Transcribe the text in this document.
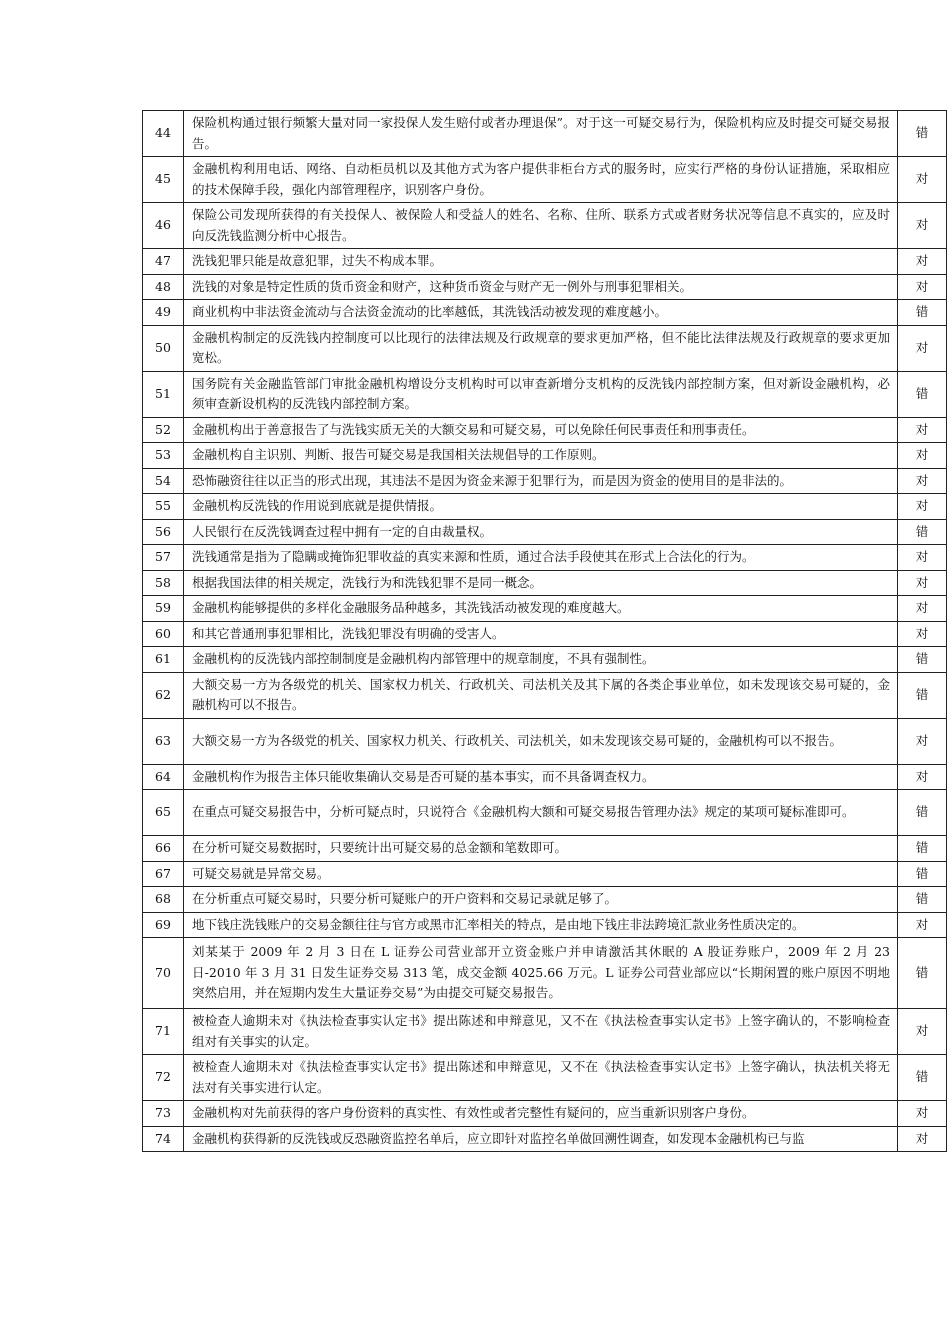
44	保险机构通过银行频繁大量对同一家投保人发生赔付或者办理退保”。对于这一可疑交易行为，保险机构应及时提交可疑交易报告。	错
45	金融机构利用电话、网络、自动柜员机以及其他方式为客户提供非柜台方式的服务时，应实行严格的身份认证措施，采取相应的技术保障手段，强化内部管理程序，识别客户身份。	对
46	保险公司发现所获得的有关投保人、被保险人和受益人的姓名、名称、住所、联系方式或者财务状况等信息不真实的，应及时向反洗钱监测分析中心报告。	对
47	洗钱犯罪只能是故意犯罪，过失不构成本罪。	对
48	洗钱的对象是特定性质的货币资金和财产，这种货币资金与财产无一例外与刑事犯罪相关。	对
49	商业机构中非法资金流动与合法资金流动的比率越低，其洗钱活动被发现的难度越小。	错
50	金融机构制定的反洗钱内控制度可以比现行的法律法规及行政规章的要求更加严格，但不能比法律法规及行政规章的要求更加宽松。	对
51	国务院有关金融监管部门审批金融机构增设分支机构时可以审查新增分支机构的反洗钱内部控制方案，但对新设金融机构，必须审查新设机构的反洗钱内部控制方案。	错
52	金融机构出于善意报告了与洗钱实质无关的大额交易和可疑交易，可以免除任何民事责任和刑事责任。	对
53	金融机构自主识别、判断、报告可疑交易是我国相关法规倡导的工作原则。	对
54	恐怖融资往往以正当的形式出现，其违法不是因为资金来源于犯罪行为，而是因为资金的使用目的是非法的。	对
55	金融机构反洗钱的作用说到底就是提供情报。	对
56	人民银行在反洗钱调查过程中拥有一定的自由裁量权。	错
57	洗钱通常是指为了隐瞒或掩饰犯罪收益的真实来源和性质，通过合法手段使其在形式上合法化的行为。	对
58	根据我国法律的相关规定，洗钱行为和洗钱犯罪不是同一概念。	对
59	金融机构能够提供的多样化金融服务品种越多，其洗钱活动被发现的难度越大。	对
60	和其它普通刑事犯罪相比，洗钱犯罪没有明确的受害人。	对
61	金融机构的反洗钱内部控制制度是金融机构内部管理中的规章制度，不具有强制性。	错
62	大额交易一方为各级党的机关、国家权力机关、行政机关、司法机关及其下属的各类企事业单位，如未发现该交易可疑的，金融机构可以不报告。	错
63	大额交易一方为各级党的机关、国家权力机关、行政机关、司法机关，如未发现该交易可疑的，金融机构可以不报告。	对
64	金融机构作为报告主体只能收集确认交易是否可疑的基本事实，而不具备调查权力。	对
65	在重点可疑交易报告中，分析可疑点时，只说符合《金融机构大额和可疑交易报告管理办法》规定的某项可疑标准即可。	错
66	在分析可疑交易数据时，只要统计出可疑交易的总金额和笔数即可。	错
67	可疑交易就是异常交易。	错
68	在分析重点可疑交易时，只要分析可疑账户的开户资料和交易记录就足够了。	错
69	地下钱庄洗钱账户的交易金额往往与官方或黑市汇率相关的特点，是由地下钱庄非法跨境汇款业务性质决定的。	对
70	刘某某于 2009 年 2 月 3 日在 L 证券公司营业部开立资金账户并申请激活其休眠的 A 股证券账户，2009 年 2 月 23 日-2010 年 3 月 31 日发生证券交易 313 笔，成交金额 4025.66 万元。L 证券公司营业部应以“长期闲置的账户原因不明地突然启用，并在短期内发生大量证券交易”为由提交可疑交易报告。	错
71	被检查人逾期未对《执法检查事实认定书》提出陈述和申辩意见，又不在《执法检查事实认定书》上签字确认的，不影响检查组对有关事实的认定。	对
72	被检查人逾期未对《执法检查事实认定书》提出陈述和申辩意见，又不在《执法检查事实认定书》上签字确认，执法机关将无法对有关事实进行认定。	错
73	金融机构对先前获得的客户身份资料的真实性、有效性或者完整性有疑问的，应当重新识别客户身份。	对
74	金融机构获得新的反洗钱或反恐融资监控名单后，应立即针对监控名单做回溯性调查，如发现本金融机构已与监	对
